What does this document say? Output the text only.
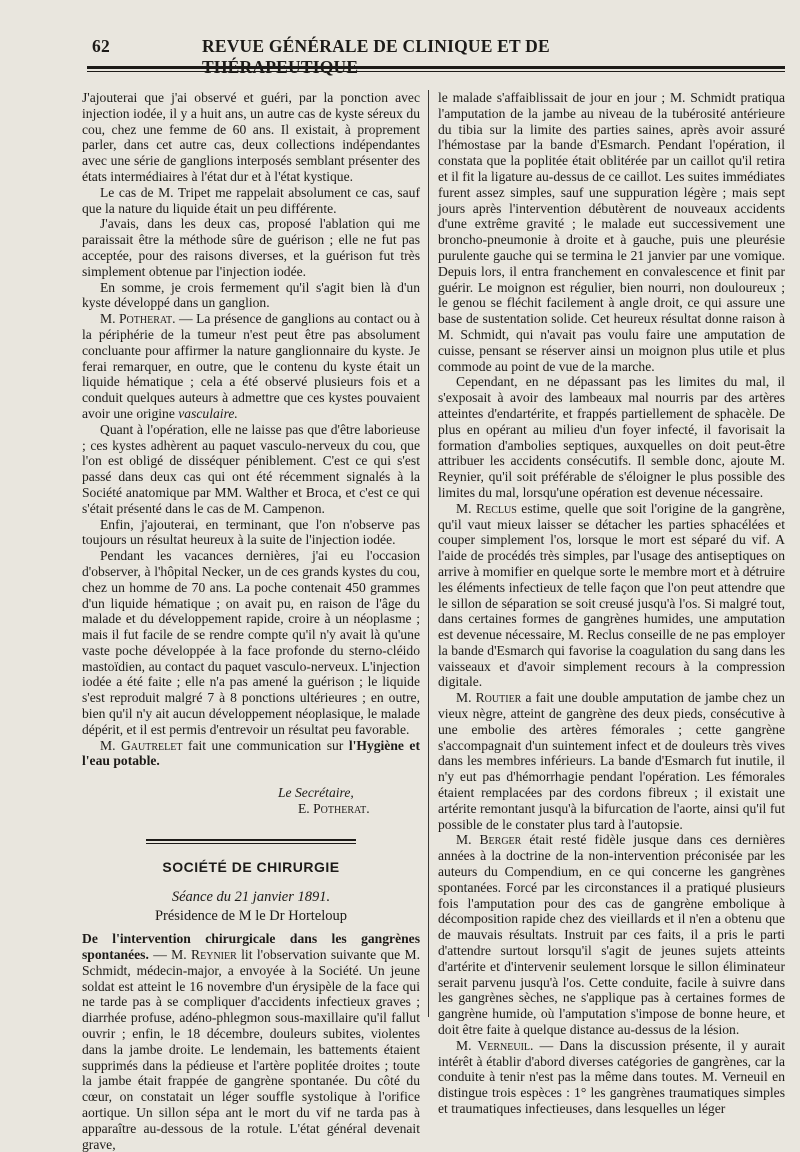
62	REVUE GÉNÉRALE DE CLINIQUE ET DE THÉRAPEUTIQUE

J'ajouterai que j'ai observé et guéri, par la ponction avec injection iodée, il y a huit ans, un autre cas de kyste séreux du cou, chez une femme de 60 ans. Il existait, à proprement parler, dans cet autre cas, deux collections indépendantes avec une série de ganglions interposés semblant présenter des états intermédiaires à l'état dur et à l'état kystique.

Le cas de M. Tripet me rappelait absolument ce cas, sauf que la nature du liquide était un peu différente.

J'avais, dans les deux cas, proposé l'ablation qui me paraissait être la méthode sûre de guérison ; elle ne fut pas acceptée, pour des raisons diverses, et la guérison fut très simplement obtenue par l'injection iodée.

En somme, je crois fermement qu'il s'agit bien là d'un kyste développé dans un ganglion.

M. Potherat. — La présence de ganglions au contact ou à la périphérie de la tumeur n'est peut être pas absolument concluante pour affirmer la nature ganglionnaire du kyste. Je ferai remarquer, en outre, que le contenu du kyste était un liquide hématique ; cela a été observé plusieurs fois et a conduit quelques auteurs à admettre que ces kystes pouvaient avoir une origine vasculaire.

Quant à l'opération, elle ne laisse pas que d'être laborieuse ; ces kystes adhèrent au paquet vasculo-nerveux du cou, que l'on est obligé de disséquer péniblement. C'est ce qui s'est passé dans deux cas qui ont été récemment signalés à la Société anatomique par MM. Walther et Broca, et c'est ce qui s'était présenté dans le cas de M. Campenon.

Enfin, j'ajouterai, en terminant, que l'on n'observe pas toujours un résultat heureux à la suite de l'injection iodée.

Pendant les vacances dernières, j'ai eu l'occasion d'observer, à l'hôpital Necker, un de ces grands kystes du cou, chez un homme de 70 ans. La poche contenait 450 grammes d'un liquide hématique ; on avait pu, en raison de l'âge du malade et du développement rapide, croire à un néoplasme ; mais il fut facile de se rendre compte qu'il n'y avait là qu'une vaste poche développée à la face profonde du sterno-cléido mastoïdien, au contact du paquet vasculo-nerveux. L'injection iodée a été faite ; elle n'a pas amené la guérison ; le liquide s'est reproduit malgré 7 à 8 ponctions ultérieures ; en outre, bien qu'il n'y ait aucun développement néoplasique, le malade dépérit, et il est permis d'entrevoir un résultat peu favorable.

M. Gautrelet fait une communication sur l'Hygiène et l'eau potable.

Le Secrétaire,
E. Potherat.
SOCIÉTÉ DE CHIRURGIE
Séance du 21 janvier 1891.
Présidence de M le Dr Horteloup

De l'intervention chirurgicale dans les gangrènes spontanées. — M. Reynier lit l'observation suivante que M. Schmidt, médecin-major, a envoyée à la Société. Un jeune soldat est atteint le 16 novembre d'un érysipèle de la face qui ne tarde pas à se compliquer d'accidents infectieux graves ; diarrhée profuse, adéno-phlegmon sous-maxillaire qu'il fallut ouvrir ; enfin, le 18 décembre, douleurs subites, violentes dans la jambe droite. Le lendemain, les battements étaient supprimés dans la pédieuse et l'artère poplitée droites ; toute la jambe était frappée de gangrène spontanée. Du côté du cœur, on constatait un léger souffle systolique à l'orifice aortique. Un sillon sépa ant le mort du vif ne tarda pas à apparaître au-dessous de la rotule. L'état général devenait grave,

le malade s'affaiblissait de jour en jour ; M. Schmidt pratiqua l'amputation de la jambe au niveau de la tubérosité antérieure du tibia sur la limite des parties saines, après avoir assuré l'hémostase par la bande d'Esmarch. Pendant l'opération, il constata que la poplitée était oblitérée par un caillot qu'il retira et il fit la ligature au-dessus de ce caillot. Les suites immédiates furent assez simples, sauf une suppuration légère ; mais sept jours après l'intervention débutèrent de nouveaux accidents d'une extrême gravité ; le malade eut successivement une broncho-pneumonie à droite et à gauche, puis une pleurésie purulente gauche qui se termina le 21 janvier par une vomique. Depuis lors, il entra franchement en convalescence et finit par guérir. Le moignon est régulier, bien nourri, non douloureux ; le genou se fléchit facilement à angle droit, ce qui assure une base de sustentation solide. Cet heureux résultat donne raison à M. Schmidt, qui n'avait pas voulu faire une amputation de cuisse, pensant se réserver ainsi un moignon plus utile et plus commode au point de vue de la marche.

Cependant, en ne dépassant pas les limites du mal, il s'exposait à avoir des lambeaux mal nourris par des artères atteintes d'endartérite, et frappés partiellement de sphacèle. De plus en opérant au milieu d'un foyer infecté, il favorisait la formation d'ambolies septiques, auxquelles on doit peut-être attribuer les accidents consécutifs. Il semble donc, ajoute M. Reynier, qu'il soit préférable de s'éloigner le plus possible des limites du mal, lorsqu'une opération est devenue nécessaire.

M. Reclus estime, quelle que soit l'origine de la gangrène, qu'il vaut mieux laisser se détacher les parties sphacélées et couper simplement l'os, lorsque le mort est séparé du vif. A l'aide de procédés très simples, par l'usage des antiseptiques on arrive à momifier en quelque sorte le membre mort et à détruire les éléments infectieux de telle façon que l'on peut attendre que le sillon de séparation se soit creusé jusqu'à l'os. Si malgré tout, dans certaines formes de gangrènes humides, une amputation est devenue nécessaire, M. Reclus conseille de ne pas employer la bande d'Esmarch qui favorise la coagulation du sang dans les vaisseaux et d'avoir simplement recours à la compression digitale.

M. Routier a fait une double amputation de jambe chez un vieux nègre, atteint de gangrène des deux pieds, consécutive à une embolie des artères fémorales ; cette gangrène s'accompagnait d'un suintement infect et de douleurs très vives dans les membres inférieurs. La bande d'Esmarch fut inutile, il n'y eut pas d'hémorrhagie pendant l'opération. Les fémorales étaient remplacées par des cordons fibreux ; il existait une artérite remontant jusqu'à la bifurcation de l'aorte, ainsi qu'il fut possible de le constater plus tard à l'autopsie.

M. Berger était resté fidèle jusque dans ces dernières années à la doctrine de la non-intervention préconisée par les auteurs du Compendium, en ce qui concerne les gangrènes spontanées. Forcé par les circonstances il a pratiqué plusieurs fois l'amputation pour des cas de gangrène embolique à décomposition rapide chez des vieillards et il n'en a obtenu que de mauvais résultats. Instruit par ces faits, il a pris le parti d'attendre surtout lorsqu'il s'agit de jeunes sujets atteints d'artérite et d'intervenir seulement lorsque le sillon éliminateur serait parvenu jusqu'à l'os. Cette conduite, facile à suivre dans les gangrènes sèches, ne s'applique pas à certaines formes de gangrène humide, où l'amputation s'impose de bonne heure, et doit être faite à quelque distance au-dessus de la lésion.

M. Verneuil. — Dans la discussion présente, il y aurait intérêt à établir d'abord diverses catégories de gangrènes, car la conduite à tenir n'est pas la même dans toutes. M. Verneuil en distingue trois espèces : 1° les gangrènes traumatiques simples et traumatiques infectieuses, dans lesquelles un léger
